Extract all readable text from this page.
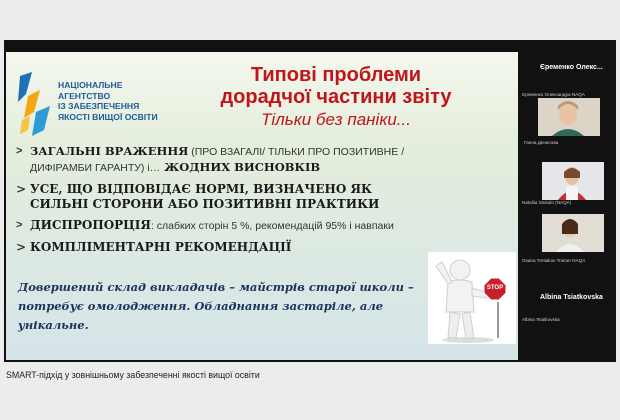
НАЦІОНАЛЬНЕ
АГЕНТСТВО
ІЗ ЗАБЕЗПЕЧЕННЯ
ЯКОСТІ ВИЩОЇ ОСВІТИ
Типові проблеми
дорадчої частини звіту
Тільки без паніки...
> ЗАГАЛЬНІ ВРАЖЕННЯ (ПРО ВЗАГАЛІ/ ТІЛЬКИ ПРО ПОЗИТИВНЕ / ДИФІРАМБИ ГАРАНТУ) і… ЖОДНИХ ВИСНОВКІВ
> УСЕ, ЩО ВІДПОВІДАЄ НОРМІ, ВИЗНАЧЕНО ЯК СИЛЬНІ СТОРОНИ АБО ПОЗИТИВНІ ПРАКТИКИ
> ДИСПРОПОРЦІЯ: слабких сторін 5 %, рекомендацій 95% і навпаки
> КОМПЛІМЕНТАРНІ РЕКОМЕНДАЦІЇ
Довершений склад викладачів – майстрів старої школи – потребує омолодження. Обладнання застаріле, але унікальне.
STOP
Єременко Олекс...
Єременко Олександра NAQA
Ганна Денисова
Nataliia Stukalo (NAQA)
Oxana Tretiakov Trainer NAQA
Albina Tsiatkovska
Albina Tsiatkovska
SMART-підхід у зовнішньому забезпеченні якості вищої освіти
